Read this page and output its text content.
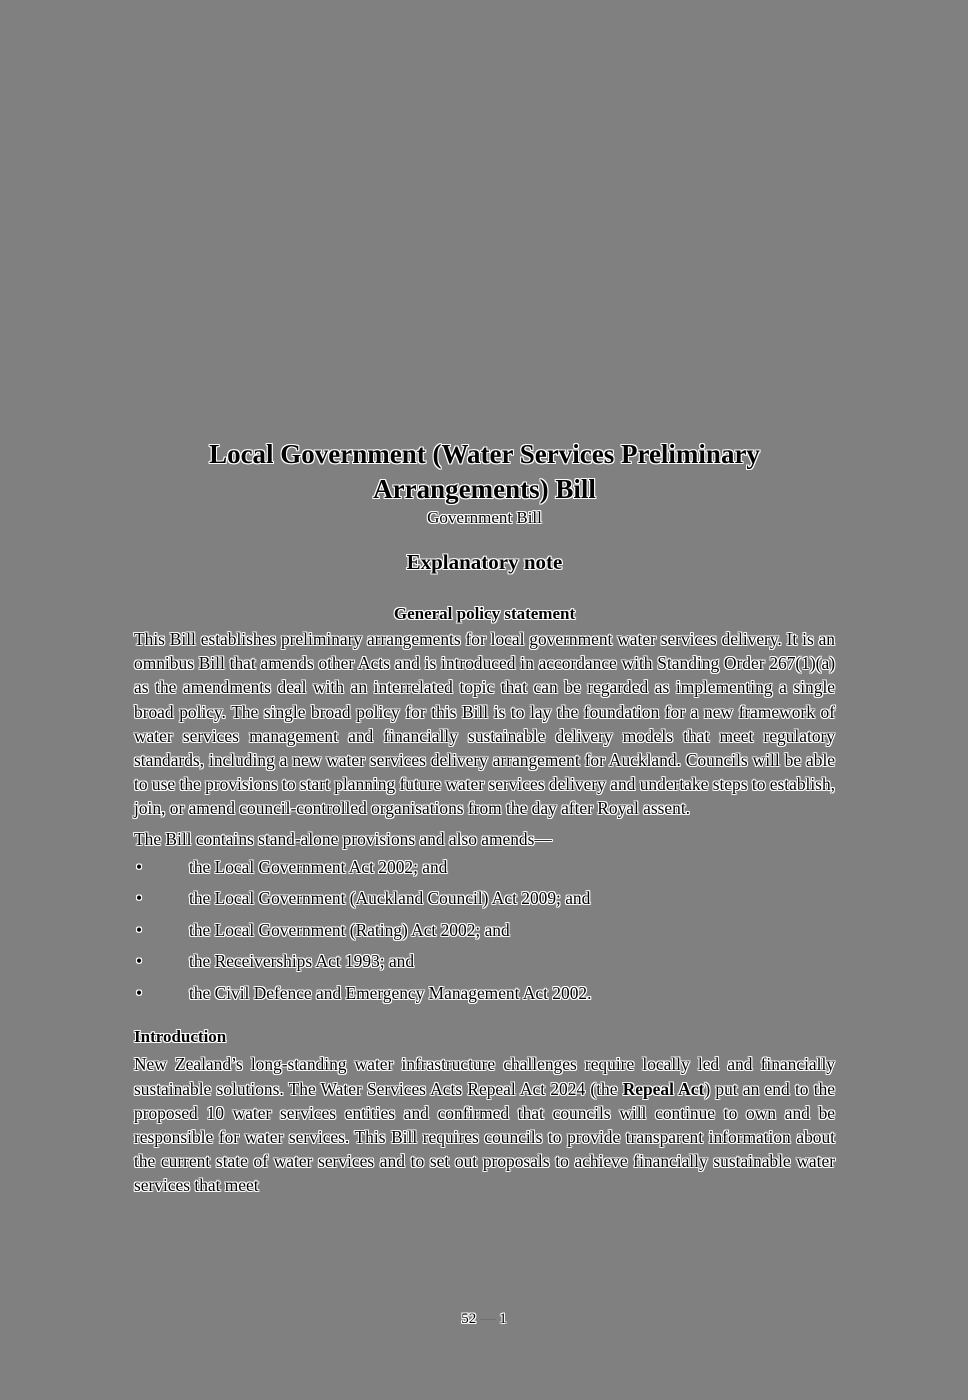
Local Government (Water Services Preliminary
Arrangements) Bill

Government Bill

Explanatory note
General policy statement

This Bill establishes preliminary arrangements for local government water services delivery. It is an omnibus Bill that amends other Acts and is introduced in accordance with Standing Order 267(1)(a) as the amendments deal with an interrelated topic that can be regarded as implementing a single broad policy. The single broad policy for this Bill is to lay the foundation for a new framework of water services management and financially sustainable delivery models that meet regulatory standards, including a new water services delivery arrangement for Auckland. Councils will be able to use the provisions to start planning future water services delivery and undertake steps to establish, join, or amend council-controlled organisations from the day after Royal assent.

The Bill contains stand-alone provisions and also amends—

•	the Local Government Act 2002; and
•	the Local Government (Auckland Council) Act 2009; and
•	the Local Government (Rating) Act 2002; and
•	the Receiverships Act 1993; and
•	the Civil Defence and Emergency Management Act 2002.
Introduction

New Zealand’s long-standing water infrastructure challenges require locally led and financially sustainable solutions. The Water Services Acts Repeal Act 2024 (the Repeal Act) put an end to the proposed 10 water services entities and confirmed that councils will continue to own and be responsible for water services. This Bill requires councils to provide transparent information about the current state of water services and to set out proposals to achieve financially sustainable water services that meet

52 — 1
